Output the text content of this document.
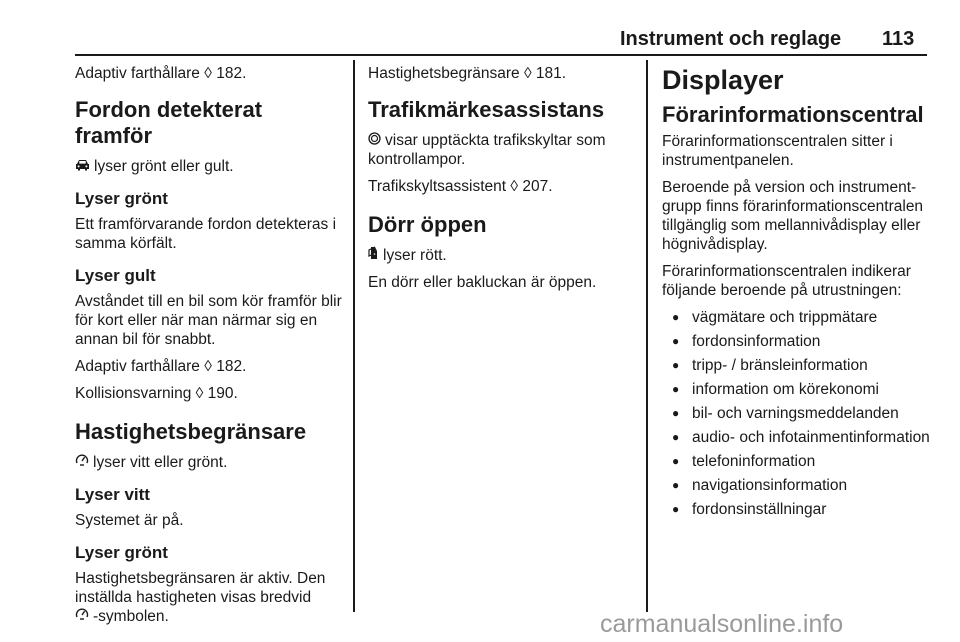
Instrument och reglage 113

Adaptiv farthållare ◊ 182.

Fordon detekterat framför

lyser grönt eller gult.

Lyser grönt

Ett framförvarande fordon detekteras i samma körfält.

Lyser gult

Avståndet till en bil som kör framför blir för kort eller när man närmar sig en annan bil för snabbt.

Adaptiv farthållare ◊ 182.

Kollisionsvarning ◊ 190.

Hastighetsbegränsare

lyser vitt eller grönt.

Lyser vitt

Systemet är på.

Lyser grönt

Hastighetsbegränsaren är aktiv. Den inställda hastigheten visas bredvid
-symbolen.

Hastighetsbegränsare ◊ 181.

Trafikmärkesassistans

visar upptäckta trafikskyltar som kontrollampor.

Trafikskyltsassistent ◊ 207.

Dörr öppen

lyser rött.

En dörr eller bakluckan är öppen.

Displayer
Förarinformationscentral

Förarinformationscentralen sitter i instrumentpanelen.

Beroende på version och instrumentgrupp finns förarinformationscentralen tillgänglig som mellannivådisplay eller högnivådisplay.

Förarinformationscentralen indikerar följande beroende på utrustningen:

● vägmätare och trippmätare
● fordonsinformation
● tripp- / bränsleinformation
● information om körekonomi
● bil- och varningsmeddelanden
● audio- och infotainmentinformation
● telefoninformation
● navigationsinformation
● fordonsinställningar
carmanualsonline.info
